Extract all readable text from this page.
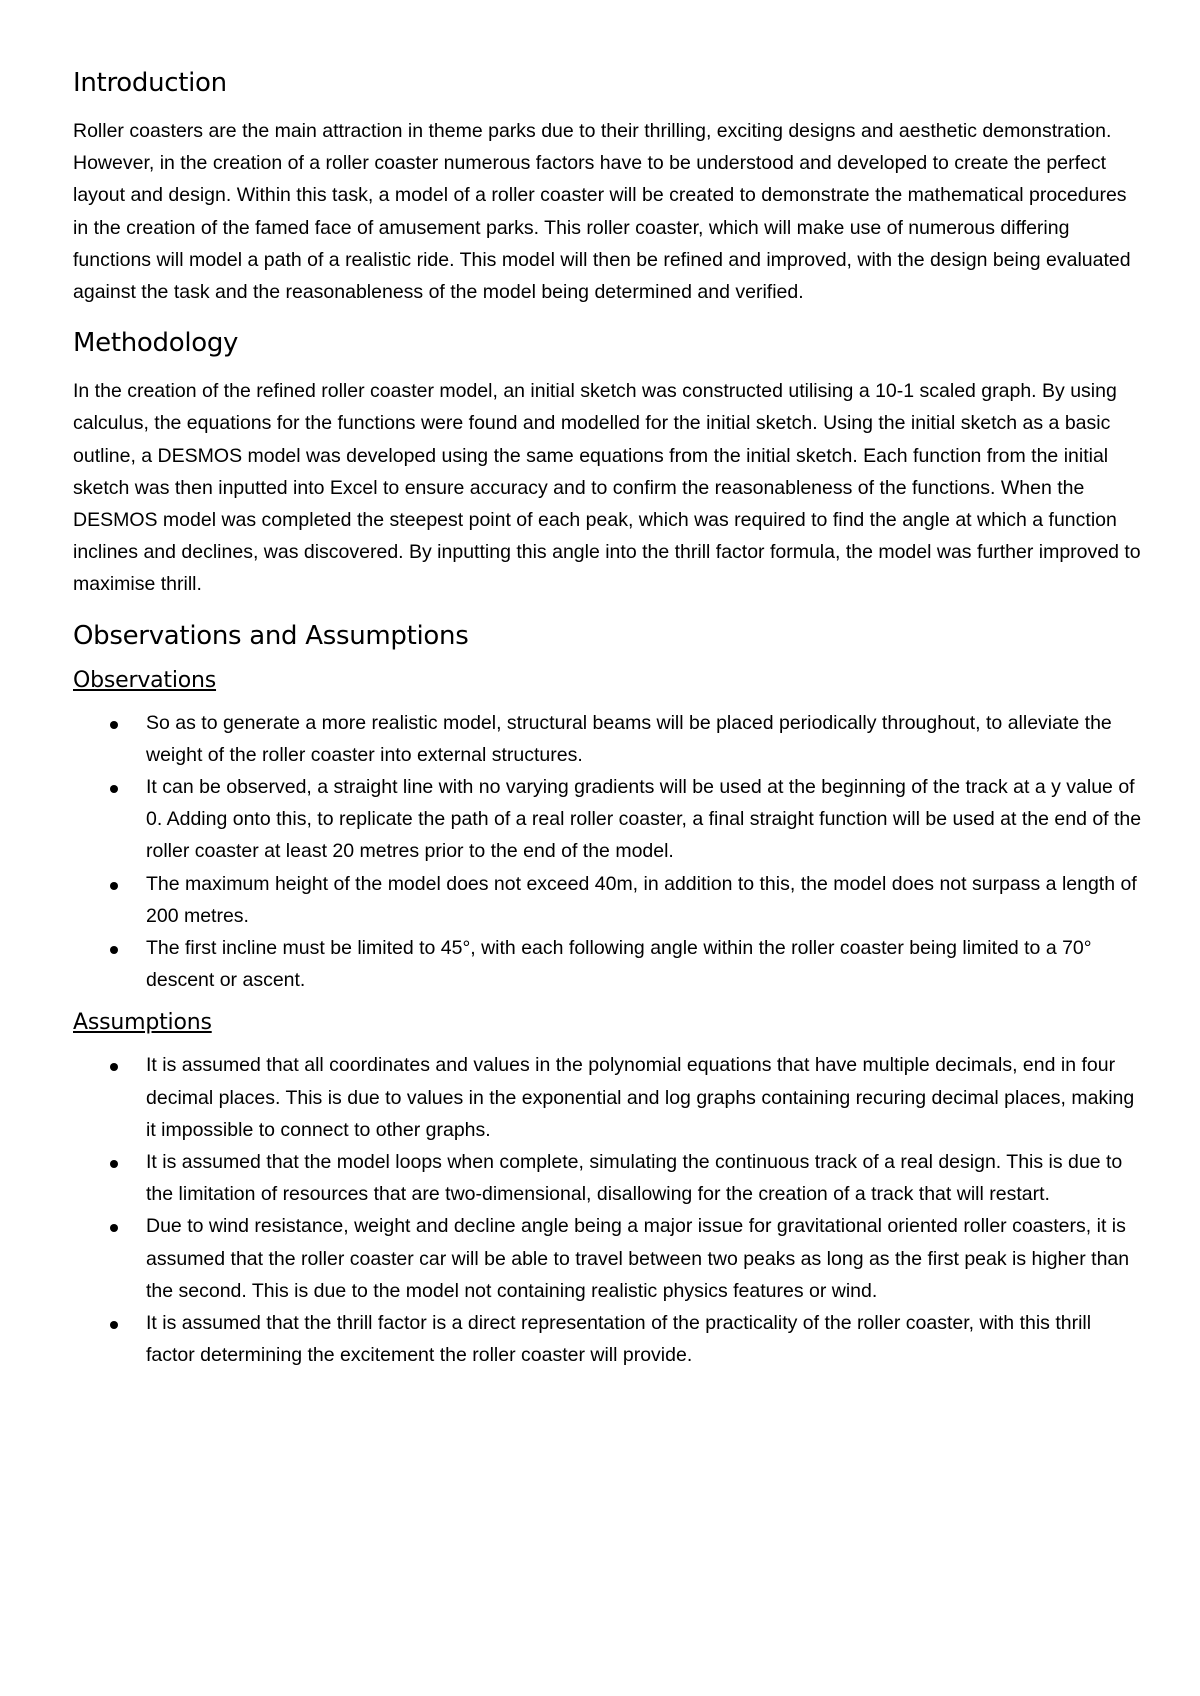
Introduction

Roller coasters are the main attraction in theme parks due to their thrilling, exciting designs and aesthetic demonstration. However, in the creation of a roller coaster numerous factors have to be understood and developed to create the perfect layout and design. Within this task, a model of a roller coaster will be created to demonstrate the mathematical procedures in the creation of the famed face of amusement parks. This roller coaster, which will make use of numerous differing functions will model a path of a realistic ride. This model will then be refined and improved, with the design being evaluated against the task and the reasonableness of the model being determined and verified.

Methodology

In the creation of the refined roller coaster model, an initial sketch was constructed utilising a 10-1 scaled graph. By using calculus, the equations for the functions were found and modelled for the initial sketch. Using the initial sketch as a basic outline, a DESMOS model was developed using the same equations from the initial sketch. Each function from the initial sketch was then inputted into Excel to ensure accuracy and to confirm the reasonableness of the functions. When the DESMOS model was completed the steepest point of each peak, which was required to find the angle at which a function inclines and declines, was discovered. By inputting this angle into the thrill factor formula, the model was further improved to maximise thrill.

Observations and Assumptions
Observations
So as to generate a more realistic model, structural beams will be placed periodically throughout, to alleviate the weight of the roller coaster into external structures.
It can be observed, a straight line with no varying gradients will be used at the beginning of the track at a y value of 0. Adding onto this, to replicate the path of a real roller coaster, a final straight function will be used at the end of the roller coaster at least 20 metres prior to the end of the model.
The maximum height of the model does not exceed 40m, in addition to this, the model does not surpass a length of 200 metres.
The first incline must be limited to 45°, with each following angle within the roller coaster being limited to a 70° descent or ascent.
Assumptions
It is assumed that all coordinates and values in the polynomial equations that have multiple decimals, end in four decimal places. This is due to values in the exponential and log graphs containing recuring decimal places, making it impossible to connect to other graphs.
It is assumed that the model loops when complete, simulating the continuous track of a real design. This is due to the limitation of resources that are two-dimensional, disallowing for the creation of a track that will restart.
Due to wind resistance, weight and decline angle being a major issue for gravitational oriented roller coasters, it is assumed that the roller coaster car will be able to travel between two peaks as long as the first peak is higher than the second. This is due to the model not containing realistic physics features or wind.
It is assumed that the thrill factor is a direct representation of the practicality of the roller coaster, with this thrill factor determining the excitement the roller coaster will provide.
